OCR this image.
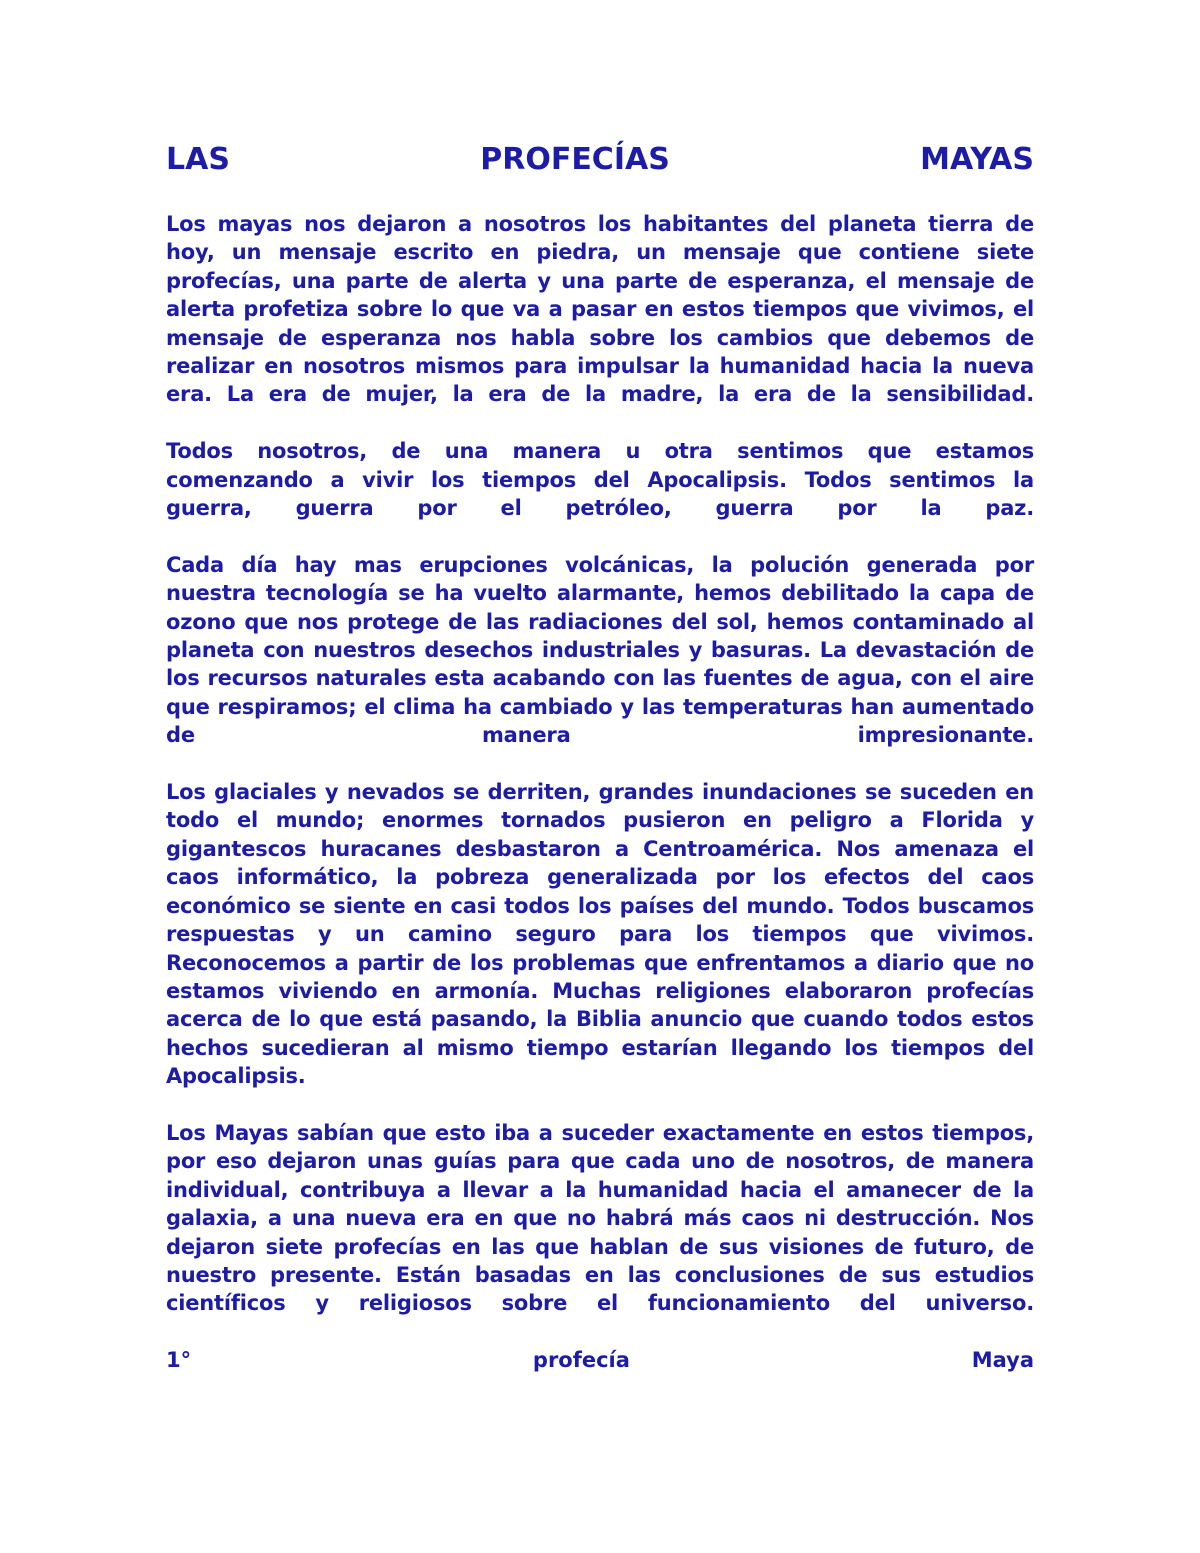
LAS	PROFECÍAS	MAYAS
Los mayas nos dejaron a nosotros los habitantes del planeta tierra de
hoy, un mensaje escrito en piedra, un mensaje que contiene siete
profecías, una parte de alerta y una parte de esperanza, el mensaje de
alerta profetiza sobre lo que va a pasar en estos tiempos que vivimos, el
mensaje de esperanza nos habla sobre los cambios que debemos de
realizar en nosotros mismos para impulsar la humanidad hacia la nueva
era. La era de mujer, la era de la madre, la era de la sensibilidad.
Todos nosotros, de una manera u otra sentimos que estamos
comenzando a vivir los tiempos del Apocalipsis. Todos sentimos la
guerra, guerra por el petróleo, guerra por la paz.
Cada día hay mas erupciones volcánicas, la polución generada por
nuestra tecnología se ha vuelto alarmante, hemos debilitado la capa de
ozono que nos protege de las radiaciones del sol, hemos contaminado al
planeta con nuestros desechos industriales y basuras. La devastación de
los recursos naturales esta acabando con las fuentes de agua, con el aire
que respiramos; el clima ha cambiado y las temperaturas han aumentado
de manera impresionante.
Los glaciales y nevados se derriten, grandes inundaciones se suceden en
todo el mundo; enormes tornados pusieron en peligro a Florida y
gigantescos huracanes desbastaron a Centroamérica. Nos amenaza el
caos informático, la pobreza generalizada por los efectos del caos
económico se siente en casi todos los países del mundo. Todos buscamos
respuestas y un camino seguro para los tiempos que vivimos.
Reconocemos a partir de los problemas que enfrentamos a diario que no
estamos viviendo en armonía. Muchas religiones elaboraron profecías
acerca de lo que está pasando, la Biblia anuncio que cuando todos estos
hechos sucedieran al mismo tiempo estarían llegando los tiempos del
Apocalipsis.
Los Mayas sabían que esto iba a suceder exactamente en estos tiempos,
por eso dejaron unas guías para que cada uno de nosotros, de manera
individual, contribuya a llevar a la humanidad hacia el amanecer de la
galaxia, a una nueva era en que no habrá más caos ni destrucción. Nos
dejaron siete profecías en las que hablan de sus visiones de futuro, de
nuestro presente. Están basadas en las conclusiones de sus estudios
científicos y religiosos sobre el funcionamiento del universo.
1°	profecía	Maya
